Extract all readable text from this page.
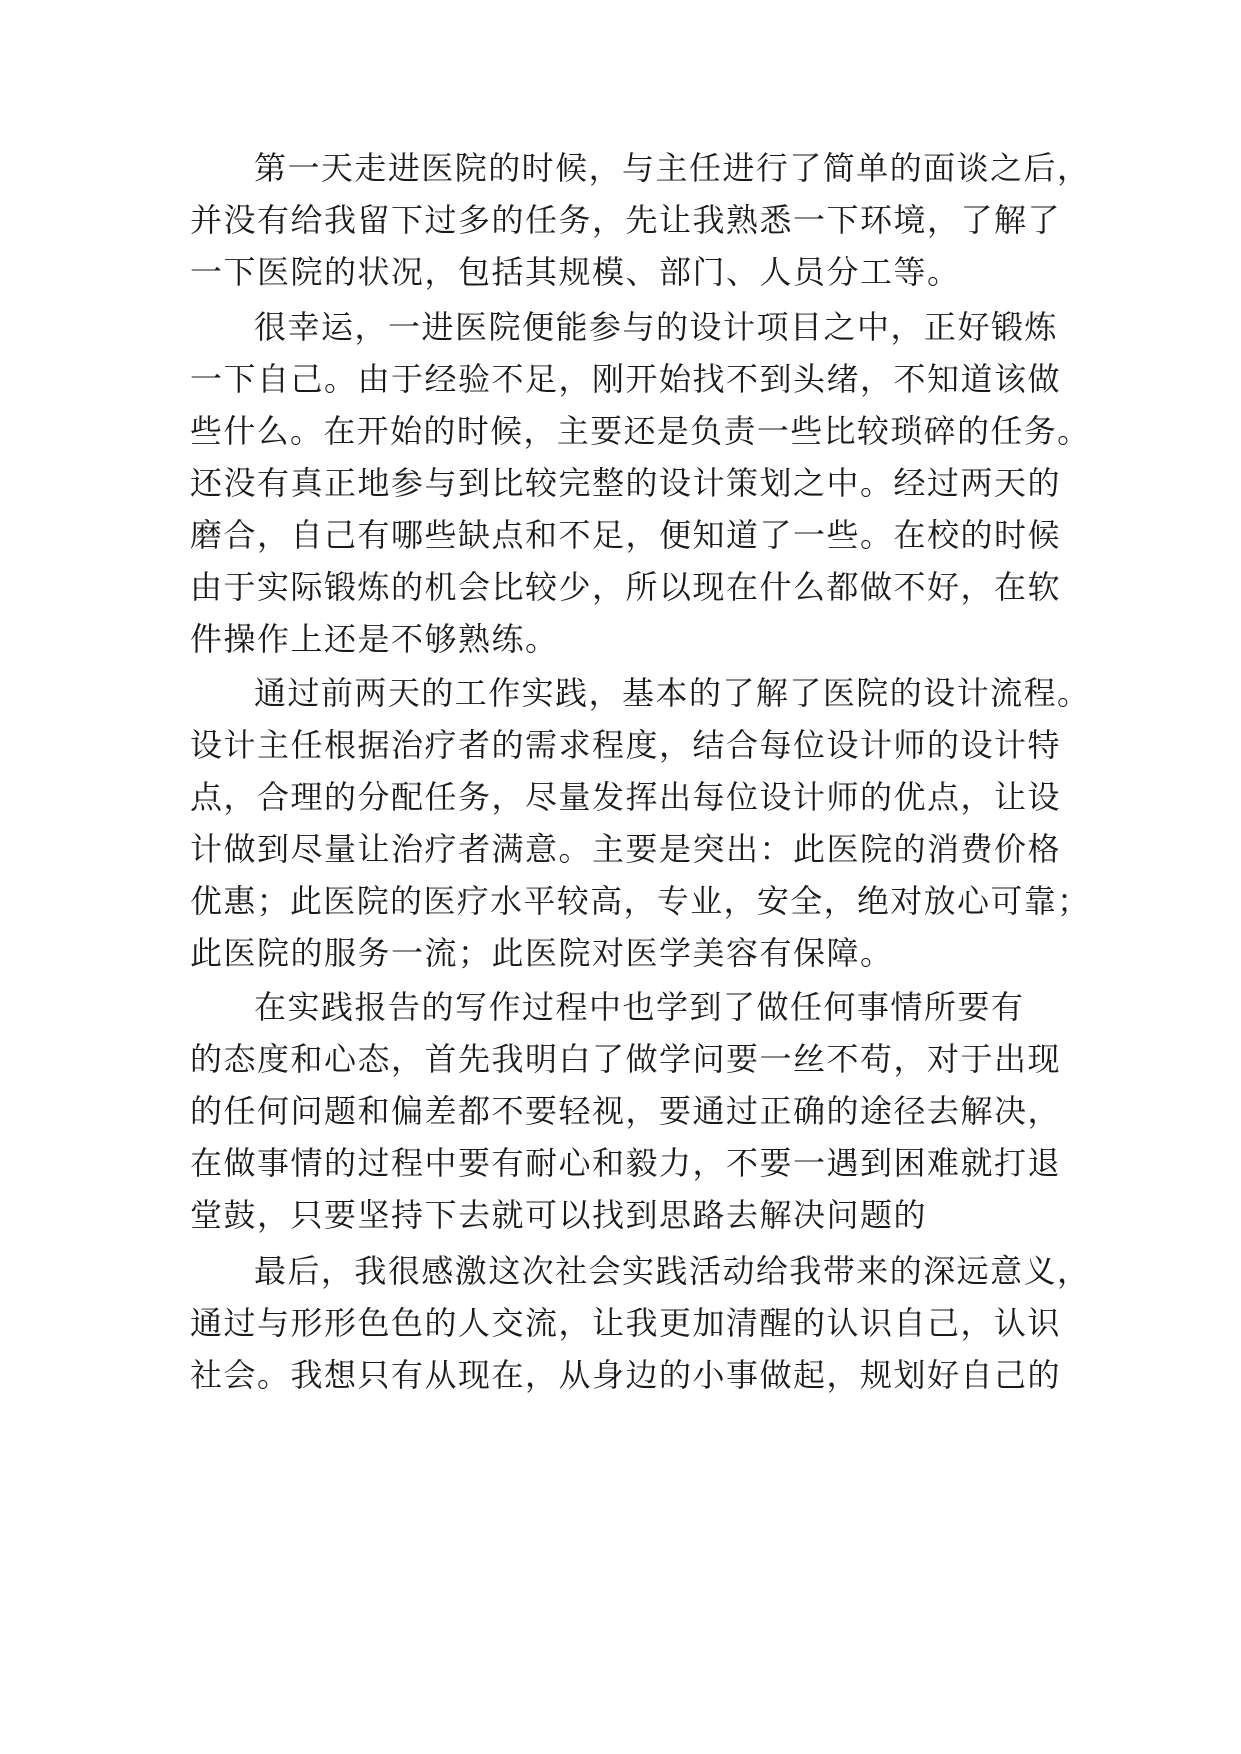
第一天走进医院的时候，与主任进行了简单的面谈之后，
并没有给我留下过多的任务，先让我熟悉一下环境，了解了
一下医院的状况，包括其规模、部门、人员分工等。
很幸运，一进医院便能参与的设计项目之中，正好锻炼
一下自己。由于经验不足，刚开始找不到头绪，不知道该做
些什么。在开始的时候，主要还是负责一些比较琐碎的任务。
还没有真正地参与到比较完整的设计策划之中。经过两天的
磨合，自己有哪些缺点和不足，便知道了一些。在校的时候
由于实际锻炼的机会比较少，所以现在什么都做不好，在软
件操作上还是不够熟练。
通过前两天的工作实践，基本的了解了医院的设计流程。
设计主任根据治疗者的需求程度，结合每位设计师的设计特
点，合理的分配任务，尽量发挥出每位设计师的优点，让设
计做到尽量让治疗者满意。主要是突出：此医院的消费价格
优惠；此医院的医疗水平较高，专业，安全，绝对放心可靠；
此医院的服务一流；此医院对医学美容有保障。
在实践报告的写作过程中也学到了做任何事情所要有
的态度和心态，首先我明白了做学问要一丝不苟，对于出现
的任何问题和偏差都不要轻视，要通过正确的途径去解决，
在做事情的过程中要有耐心和毅力，不要一遇到困难就打退
堂鼓，只要坚持下去就可以找到思路去解决问题的
最后，我很感激这次社会实践活动给我带来的深远意义，
通过与形形色色的人交流，让我更加清醒的认识自己，认识
社会。我想只有从现在，从身边的小事做起，规划好自己的
